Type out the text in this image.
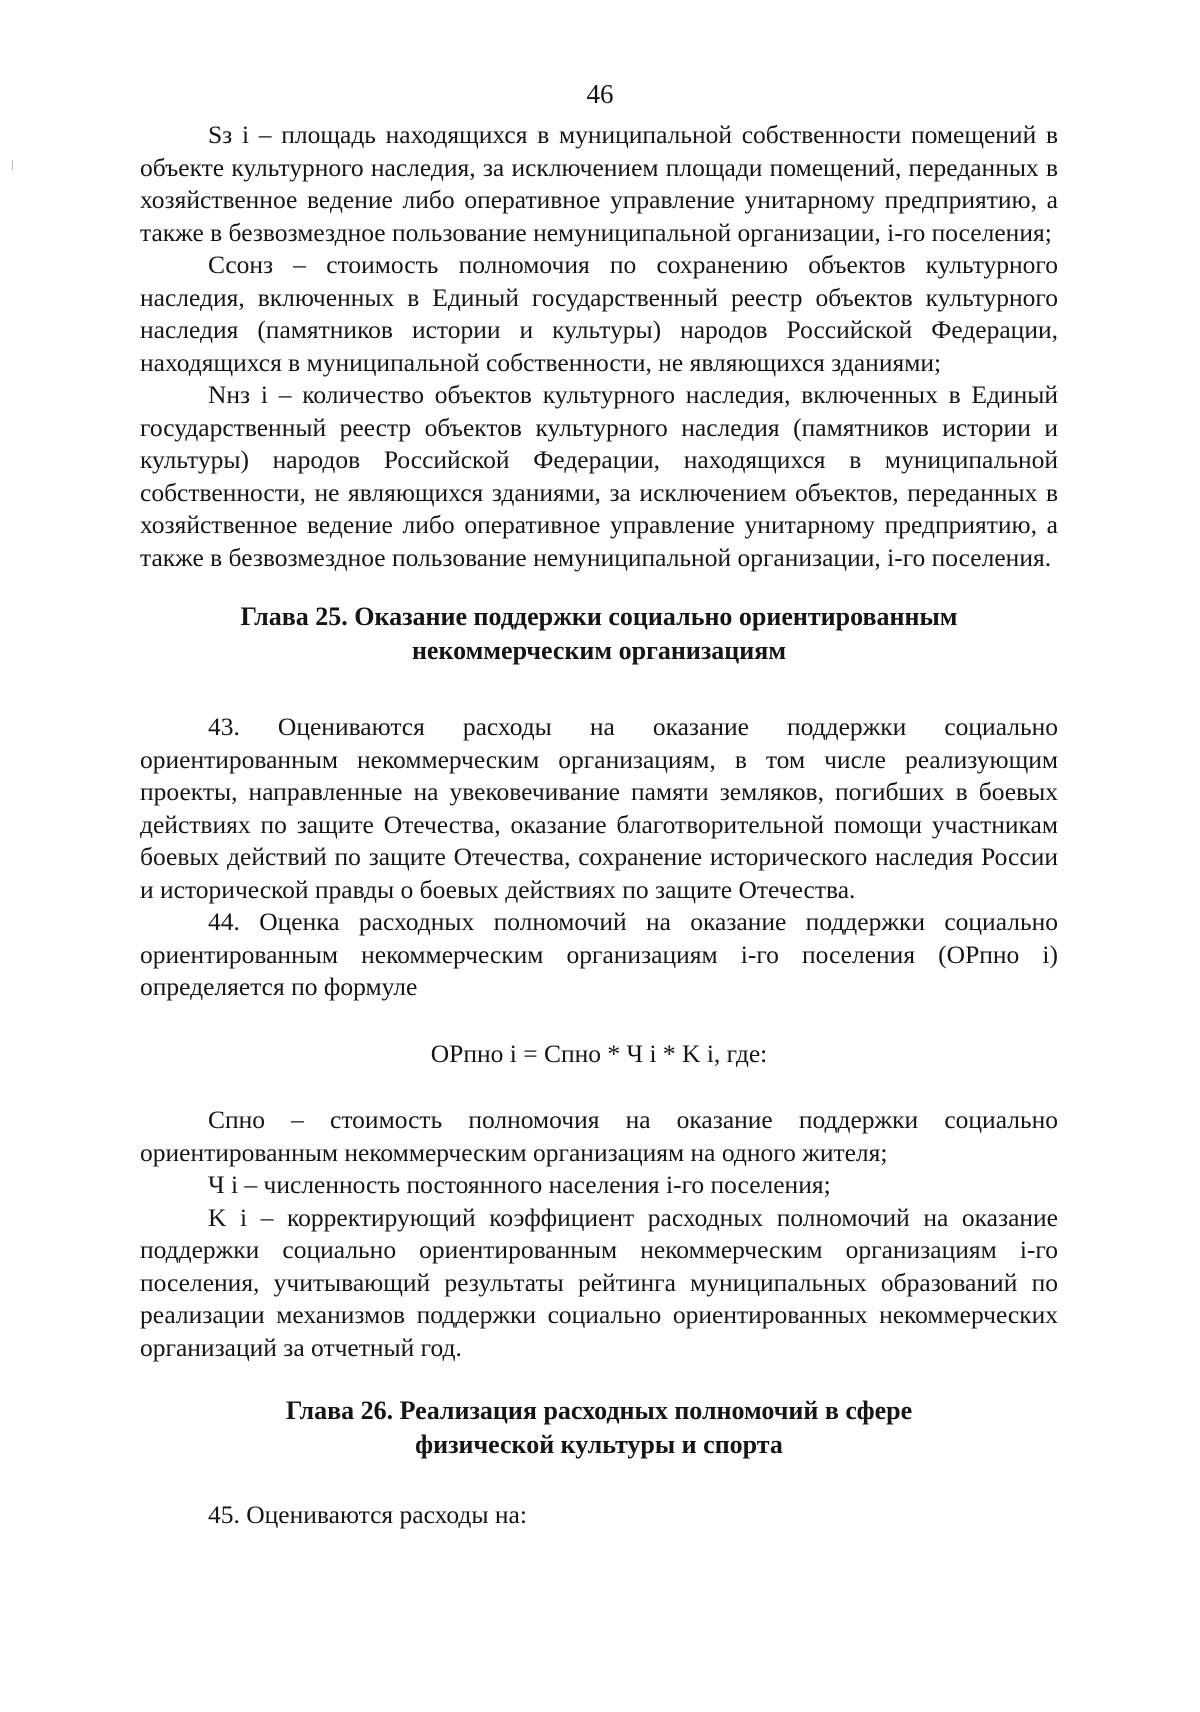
46

Sз i – площадь находящихся в муниципальной собственности помещений в объекте культурного наследия, за исключением площади помещений, переданных в хозяйственное ведение либо оперативное управление унитарному предприятию, а также в безвозмездное пользование немуниципальной организации, i-го поселения;

Ссонз – стоимость полномочия по сохранению объектов культурного наследия, включенных в Единый государственный реестр объектов культурного наследия (памятников истории и культуры) народов Российской Федерации, находящихся в муниципальной собственности, не являющихся зданиями;

Nнз i – количество объектов культурного наследия, включенных в Единый государственный реестр объектов культурного наследия (памятников истории и культуры) народов Российской Федерации, находящихся в муниципальной собственности, не являющихся зданиями, за исключением объектов, переданных в хозяйственное ведение либо оперативное управление унитарному предприятию, а также в безвозмездное пользование немуниципальной организации, i-го поселения.

Глава 25. Оказание поддержки социально ориентированным
некоммерческим организациям

43. Оцениваются расходы на оказание поддержки социально ориентированным некоммерческим организациям, в том числе реализующим проекты, направленные на увековечивание памяти земляков, погибших в боевых действиях по защите Отечества, оказание благотворительной помощи участникам боевых действий по защите Отечества, сохранение исторического наследия России и исторической правды о боевых действиях по защите Отечества.

44. Оценка расходных полномочий на оказание поддержки социально ориентированным некоммерческим организациям i-го поселения (ОРпно i) определяется по формуле

ОРпно i = Спно * Ч i * K i, где:

Спно – стоимость полномочия на оказание поддержки социально ориентированным некоммерческим организациям на одного жителя;

Ч i – численность постоянного населения i-го поселения;

K i – корректирующий коэффициент расходных полномочий на оказание поддержки социально ориентированным некоммерческим организациям i-го поселения, учитывающий результаты рейтинга муниципальных образований по реализации механизмов поддержки социально ориентированных некоммерческих организаций за отчетный год.

Глава 26. Реализация расходных полномочий в сфере
физической культуры и спорта

45. Оцениваются расходы на:
